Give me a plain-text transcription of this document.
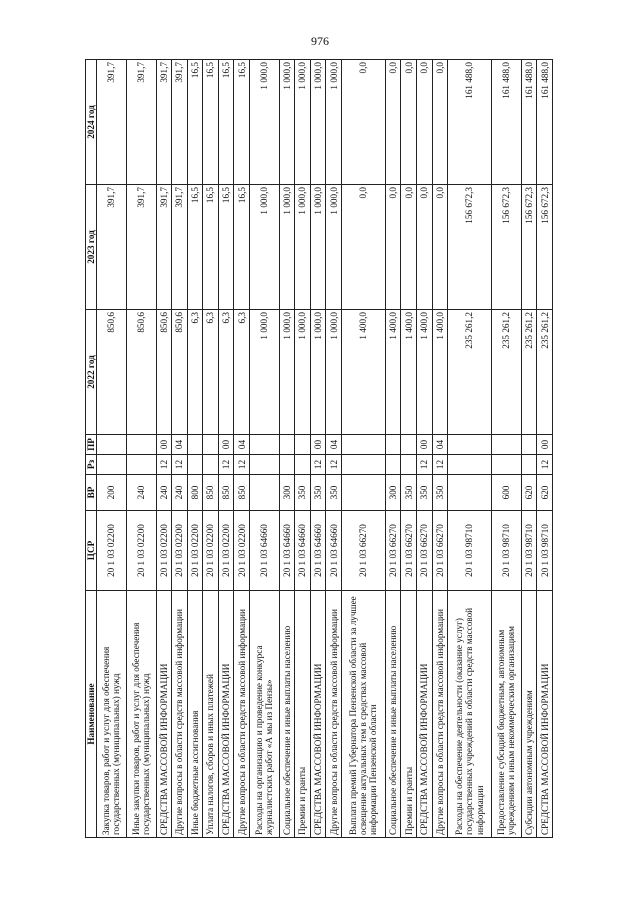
976
Наименование	ЦСР	ВР	Рз	ПР	2022 год	2023 год	2024 год
Закупка товаров, работ и услуг для обеспечения государственных (муниципальных) нужд	20 1 03 02200	200			850,6	391,7	391,7
Иные закупки товаров, работ и услуг для обеспечения государственных (муниципальных) нужд	20 1 03 02200	240			850,6	391,7	391,7
СРЕДСТВА МАССОВОЙ ИНФОРМАЦИИ	20 1 03 02200	240	12	00	850,6	391,7	391,7
Другие вопросы в области средств массовой информации	20 1 03 02200	240	12	04	850,6	391,7	391,7
Иные бюджетные ассигнования	20 1 03 02200	800			6,3	16,5	16,5
Уплата налогов, сборов и иных платежей	20 1 03 02200	850			6,3	16,5	16,5
СРЕДСТВА МАССОВОЙ ИНФОРМАЦИИ	20 1 03 02200	850	12	00	6,3	16,5	16,5
Другие вопросы в области средств массовой информации	20 1 03 02200	850	12	04	6,3	16,5	16,5
Расходы на организацию и проведение конкурса журналистских работ «А мы из Пензы»	20 1 03 64660				1 000,0	1 000,0	1 000,0
Социальное обеспечение и иные выплаты населению	20 1 03 64660	300			1 000,0	1 000,0	1 000,0
Премии и гранты	20 1 03 64660	350			1 000,0	1 000,0	1 000,0
СРЕДСТВА МАССОВОЙ ИНФОРМАЦИИ	20 1 03 64660	350	12	00	1 000,0	1 000,0	1 000,0
Другие вопросы в области средств массовой информации	20 1 03 64660	350	12	04	1 000,0	1 000,0	1 000,0
Выплата премий Губернатора Пензенской области за лучшее освещение актуальных тем в средствах массовой информации Пензенской области	20 1 03 66270				1 400,0	0,0	0,0
Социальное обеспечение и иные выплаты населению	20 1 03 66270	300			1 400,0	0,0	0,0
Премии и гранты	20 1 03 66270	350			1 400,0	0,0	0,0
СРЕДСТВА МАССОВОЙ ИНФОРМАЦИИ	20 1 03 66270	350	12	00	1 400,0	0,0	0,0
Другие вопросы в области средств массовой информации	20 1 03 66270	350	12	04	1 400,0	0,0	0,0
Расходы на обеспечение деятельности (оказание услуг) государственных учреждений в области средств массовой информации	20 1 03 98710				235 261,2	156 672,3	161 488,0
Предоставление субсидий бюджетным, автономным учреждениям и иным некоммерческим организациям	20 1 03 98710	600			235 261,2	156 672,3	161 488,0
Субсидии автономным учреждениям	20 1 03 98710	620			235 261,2	156 672,3	161 488,0
СРЕДСТВА МАССОВОЙ ИНФОРМАЦИИ	20 1 03 98710	620	12	00	235 261,2	156 672,3	161 488,0
